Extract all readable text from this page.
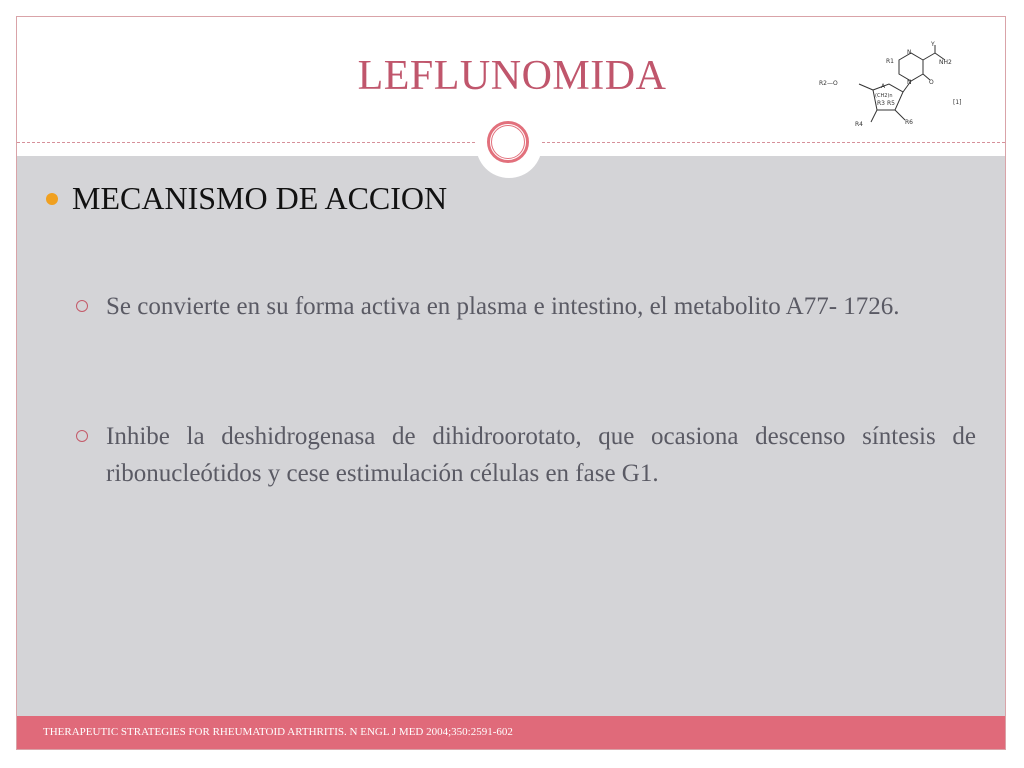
LEFLUNOMIDA
Y
NH2
R1
N
N	O
R2—O	A
(CH2)n
R3 R5
R4	R6
[1]
MECANISMO DE ACCION
Se convierte en su forma activa en plasma e intestino, el metabolito A77- 1726.
Inhibe la deshidrogenasa de dihidroorotato, que ocasiona descenso síntesis de ribonucleótidos y cese estimulación células en fase G1.
THERAPEUTIC STRATEGIES FOR RHEUMATOID ARTHRITIS. N ENGL J MED 2004;350:2591-602
